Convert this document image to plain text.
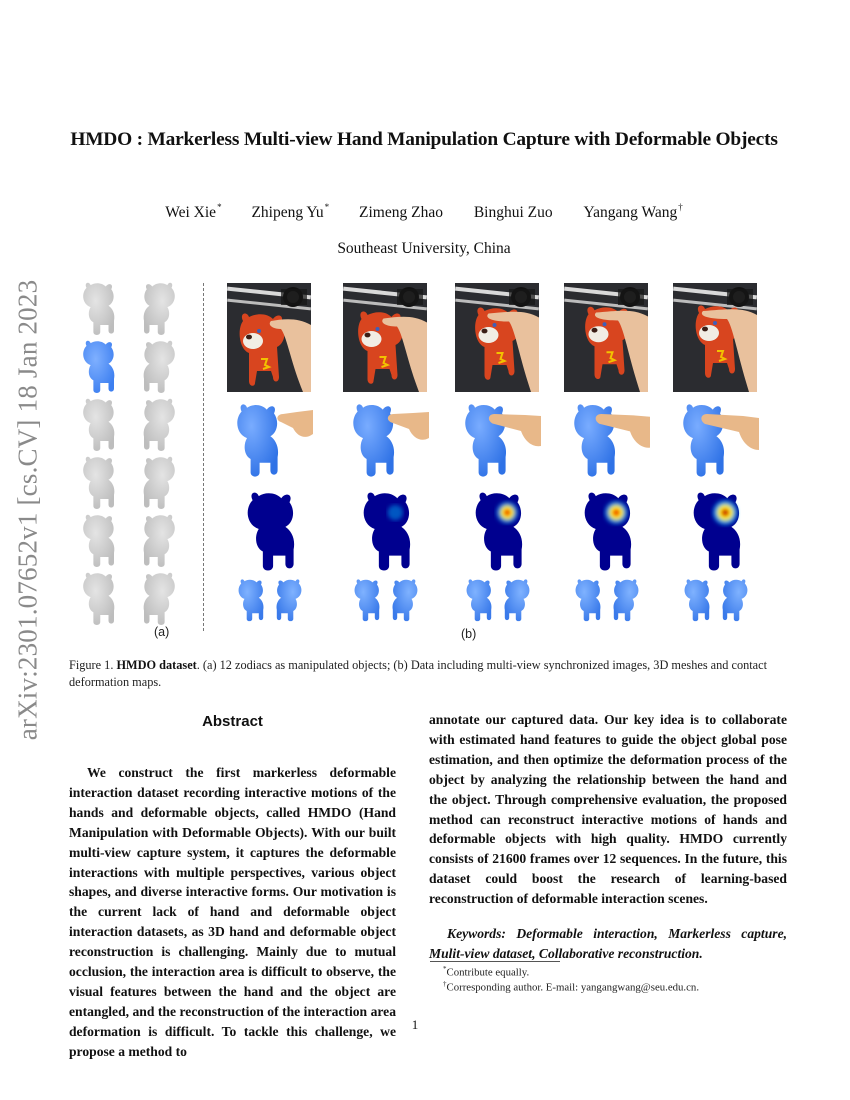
arXiv:2301.07652v1 [cs.CV] 18 Jan 2023
HMDO : Markerless Multi-view Hand Manipulation Capture with Deformable Objects
Wei Xie* Zhipeng Yu* Zimeng Zhao Binghui Zuo Yangang Wang†
Southeast University, China
(a)	(b)
Figure 1. HMDO dataset. (a) 12 zodiacs as manipulated objects; (b) Data including multi-view synchronized images, 3D meshes and contact deformation maps.
Abstract
We construct the first markerless deformable interaction dataset recording interactive motions of the hands and deformable objects, called HMDO (Hand Manipulation with Deformable Objects). With our built multi-view capture system, it captures the deformable interactions with multiple perspectives, various object shapes, and diverse interactive forms. Our motivation is the current lack of hand and deformable object interaction datasets, as 3D hand and deformable object reconstruction is challenging. Mainly due to mutual occlusion, the interaction area is difficult to observe, the visual features between the hand and the object are entangled, and the reconstruction of the interaction area deformation is difficult. To tackle this challenge, we propose a method to
annotate our captured data. Our key idea is to collaborate with estimated hand features to guide the object global pose estimation, and then optimize the deformation process of the object by analyzing the relationship between the hand and the object. Through comprehensive evaluation, the proposed method can reconstruct interactive motions of hands and deformable objects with high quality. HMDO currently consists of 21600 frames over 12 sequences. In the future, this dataset could boost the research of learning-based reconstruction of deformable interaction scenes.
Keywords: Deformable interaction, Markerless capture, Mulit-view dataset, Collaborative reconstruction.
*Contribute equally.
†Corresponding author. E-mail: yangangwang@seu.edu.cn.
1
